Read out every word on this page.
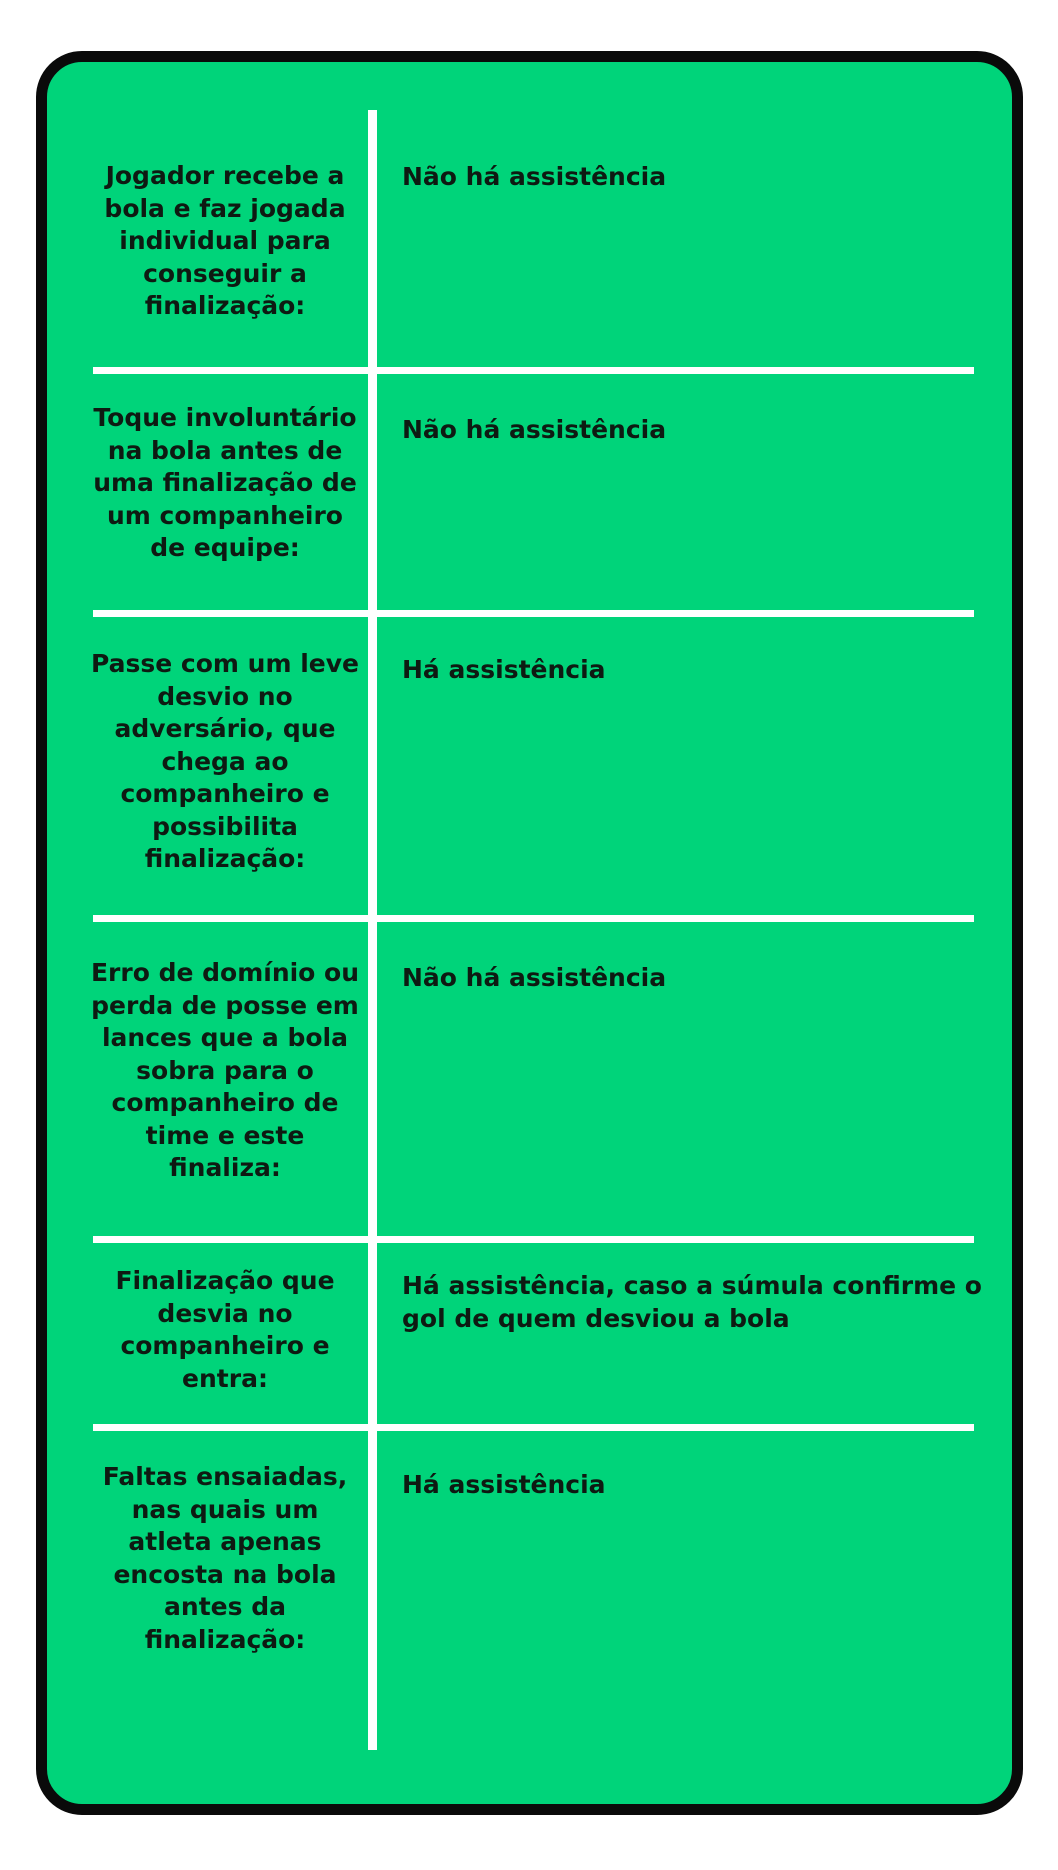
Jogador recebe a bola e faz jogada individual para conseguir a finalização:
Não há assistência
Toque involuntário na bola antes de uma finalização de um companheiro de equipe:
Não há assistência
Passe com um leve desvio no adversário, que chega ao companheiro e possibilita finalização:
Há assistência
Erro de domínio ou perda de posse em lances que a bola sobra para o companheiro de time e este finaliza:
Não há assistência
Finalização que desvia no companheiro e entra:
Há assistência, caso a súmula confirme o gol de quem desviou a bola
Faltas ensaiadas, nas quais um atleta apenas encosta na bola antes da finalização:
Há assistência
